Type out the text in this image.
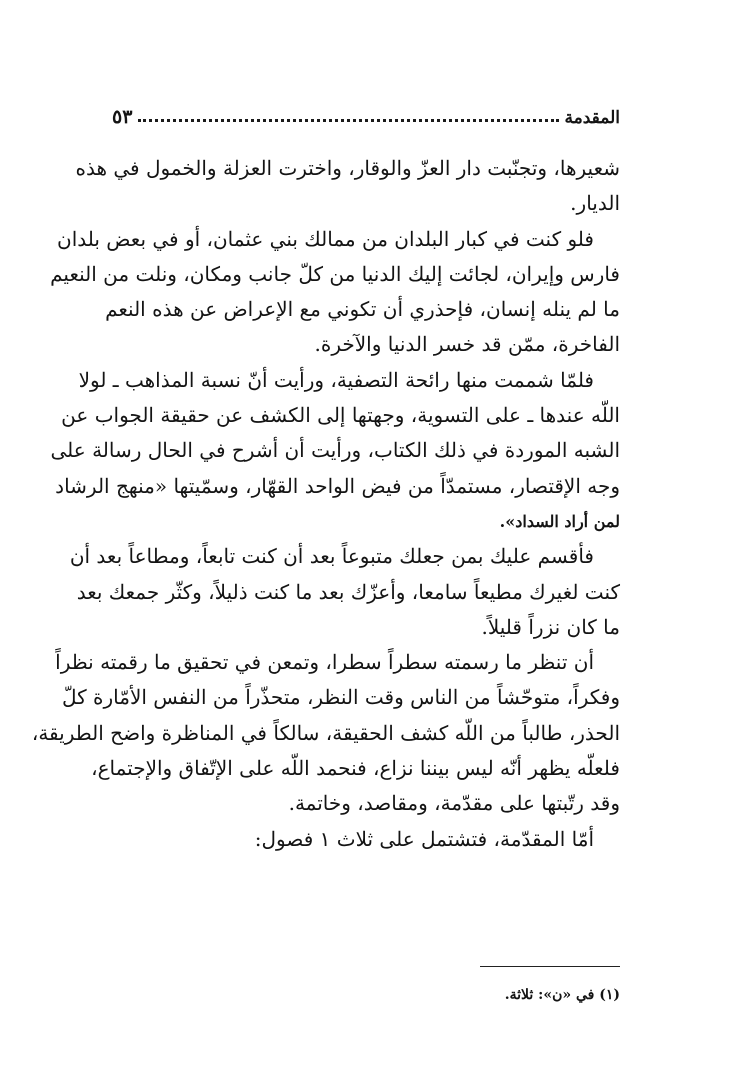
المقدمة
٥٣
شعيرها، وتجنّبت دار العزّ والوقار، واخترت العزلة والخمول في هذه
الديار.
فلو كنت في كبار البلدان من ممالك بني عثمان، أو في بعض بلدان
فارس وإيران، لجائت إليك الدنيا من كلّ جانب ومكان، ونلت من النعيم
ما لم ينله إنسان، فإحذري أن تكوني مع الإعراض عن هذه النعم
الفاخرة، ممّن قد خسر الدنيا والآخرة.
فلمّا شممت منها رائحة التصفية، ورأيت أنّ نسبة المذاهب ـ لولا
اللّه عندها ـ على التسوية، وجهتها إلى الكشف عن حقيقة الجواب عن
الشبه الموردة في ذلك الكتاب، ورأيت أن أشرح في الحال رسالة على
وجه الإقتصار، مستمدّاً من فيض الواحد القهّار، وسمّيتها «منهج الرشاد
لمن أراد السداد».
فأقسم عليك بمن جعلك متبوعاً بعد أن كنت تابعاً، ومطاعاً بعد أن
كنت لغيرك مطيعاً سامعا، وأعزّك بعد ما كنت ذليلاً، وكثّر جمعك بعد
ما كان نزراً قليلاً.
أن تنظر ما رسمته سطراً سطرا، وتمعن في تحقيق ما رقمته نظراً
وفكراً، متوحّشاً من الناس وقت النظر، متحذّراً من النفس الأمّارة كلّ
الحذر، طالباً من اللّه كشف الحقيقة، سالكاً في المناظرة واضح الطريقة،
فلعلّه يظهر أنّه ليس بيننا نزاع، فنحمد اللّه على الإتّفاق والإجتماع،
وقد رتّبتها على مقدّمة، ومقاصد، وخاتمة.
أمّا المقدّمة، فتشتمل على ثلاث ١ فصول:
(١) في «ن»: ثلاثة.
